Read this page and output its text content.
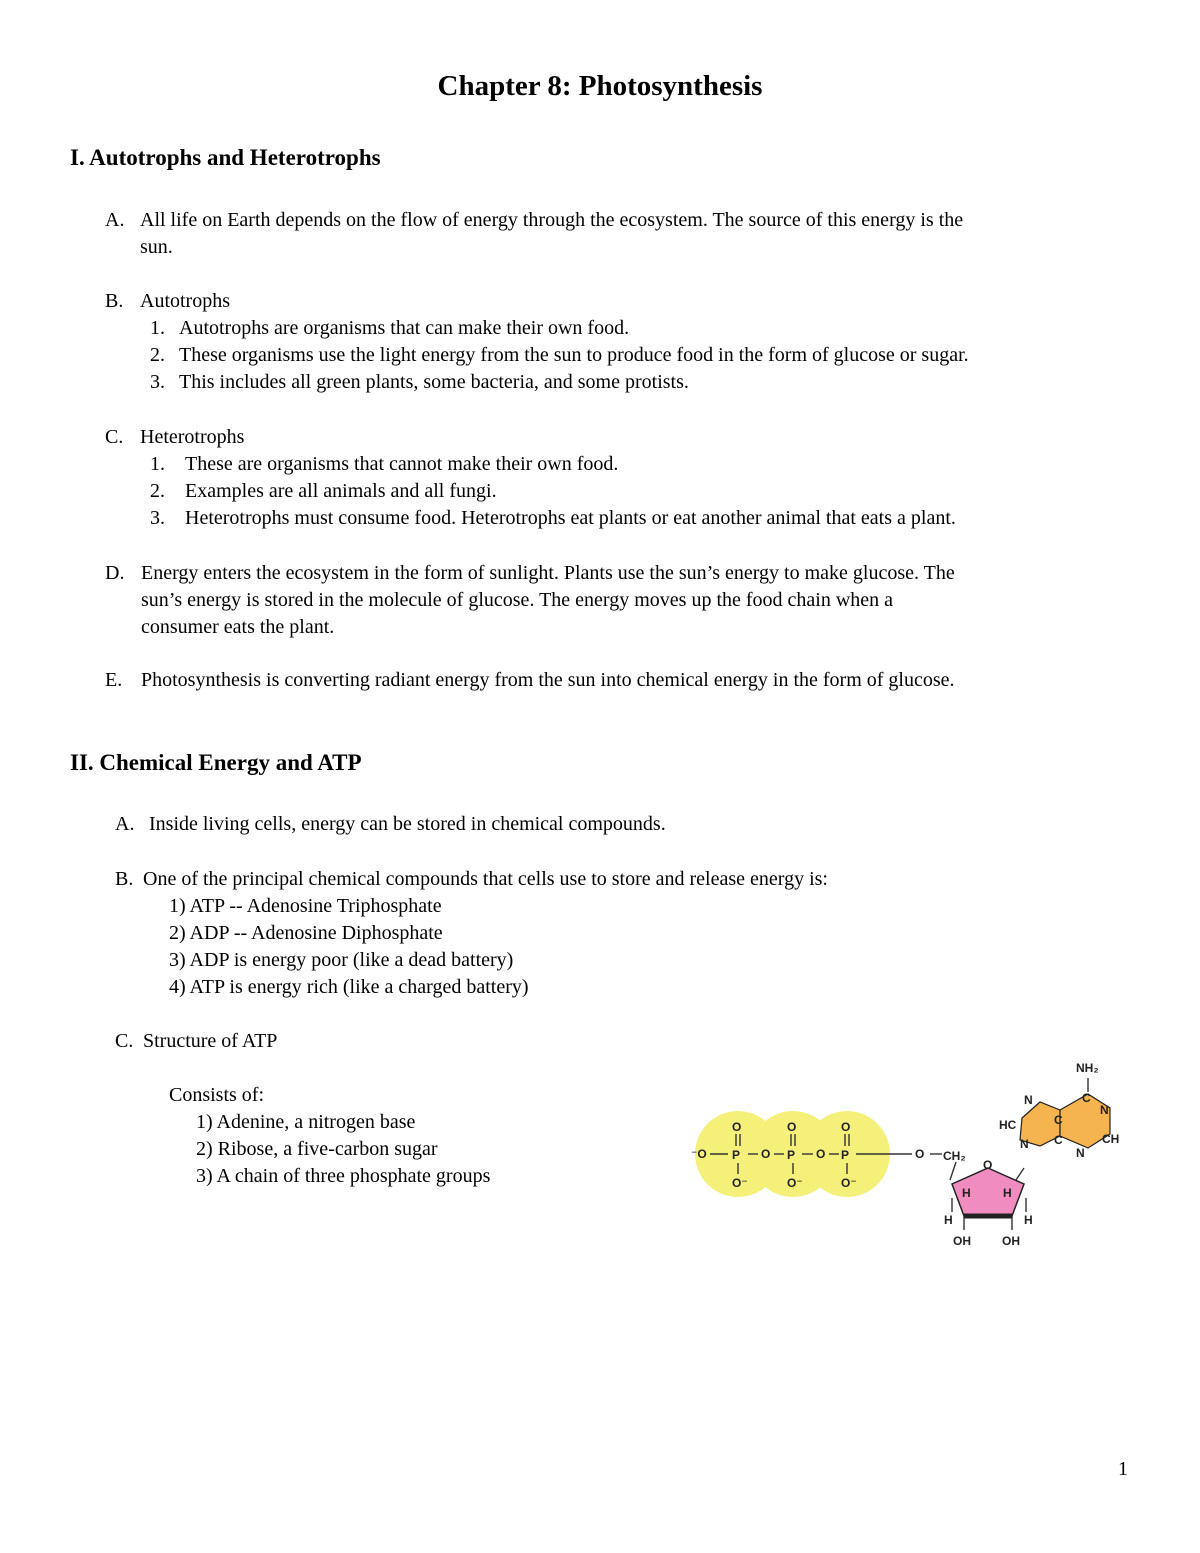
Chapter 8: Photosynthesis
I. Autotrophs and Heterotrophs
A. All life on Earth depends on the flow of energy through the ecosystem. The source of this energy is the
sun.
B. Autotrophs
1. Autotrophs are organisms that can make their own food.
2. These organisms use the light energy from the sun to produce food in the form of glucose or sugar.
3. This includes all green plants, some bacteria, and some protists.
C. Heterotrophs
1. These are organisms that cannot make their own food.
2. Examples are all animals and all fungi.
3. Heterotrophs must consume food. Heterotrophs eat plants or eat another animal that eats a plant.
D. Energy enters the ecosystem in the form of sunlight. Plants use the sun’s energy to make glucose. The
sun’s energy is stored in the molecule of glucose. The energy moves up the food chain when a
consumer eats the plant.
E. Photosynthesis is converting radiant energy from the sun into chemical energy in the form of glucose.
II. Chemical Energy and ATP
A. Inside living cells, energy can be stored in chemical compounds.
B. One of the principal chemical compounds that cells use to store and release energy is:
1) ATP -- Adenosine Triphosphate
2) ADP -- Adenosine Diphosphate
3) ADP is energy poor (like a dead battery)
4) ATP is energy rich (like a charged battery)
C. Structure of ATP
Consists of:
1) Adenine, a nitrogen base
2) Ribose, a five-carbon sugar
3) A chain of three phosphate groups
⁻O
O
P
O⁻
O
O
P
O⁻
O
O
P
O⁻
O CH₂
O
H	H
H	H
OH	OH
NH₂
N
HC
N
C
C
N
CH
N
C
1
